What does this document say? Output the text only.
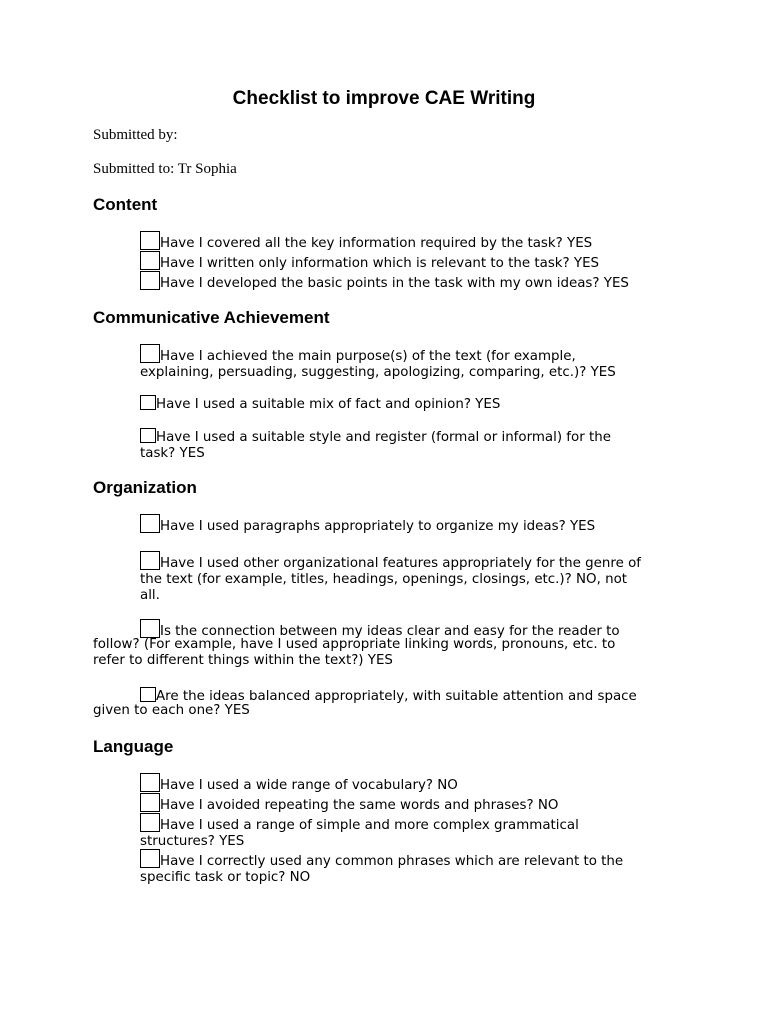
Checklist to improve CAE Writing
Submitted by:
Submitted to: Tr Sophia
Content
Have I covered all the key information required by the task? YES
Have I written only information which is relevant to the task? YES
Have I developed the basic points in the task with my own ideas? YES
Communicative Achievement
Have I achieved the main purpose(s) of the text (for example,
explaining, persuading, suggesting, apologizing, comparing, etc.)? YES
Have I used a suitable mix of fact and opinion? YES
Have I used a suitable style and register (formal or informal) for the
task? YES
Organization
Have I used paragraphs appropriately to organize my ideas? YES
Have I used other organizational features appropriately for the genre of
the text (for example, titles, headings, openings, closings, etc.)? NO, not
all.
Is the connection between my ideas clear and easy for the reader to
follow? (For example, have I used appropriate linking words, pronouns, etc. to
refer to different things within the text?) YES
Are the ideas balanced appropriately, with suitable attention and space
given to each one? YES
Language
Have I used a wide range of vocabulary? NO
Have I avoided repeating the same words and phrases? NO
Have I used a range of simple and more complex grammatical
structures? YES
Have I correctly used any common phrases which are relevant to the
specific task or topic? NO
